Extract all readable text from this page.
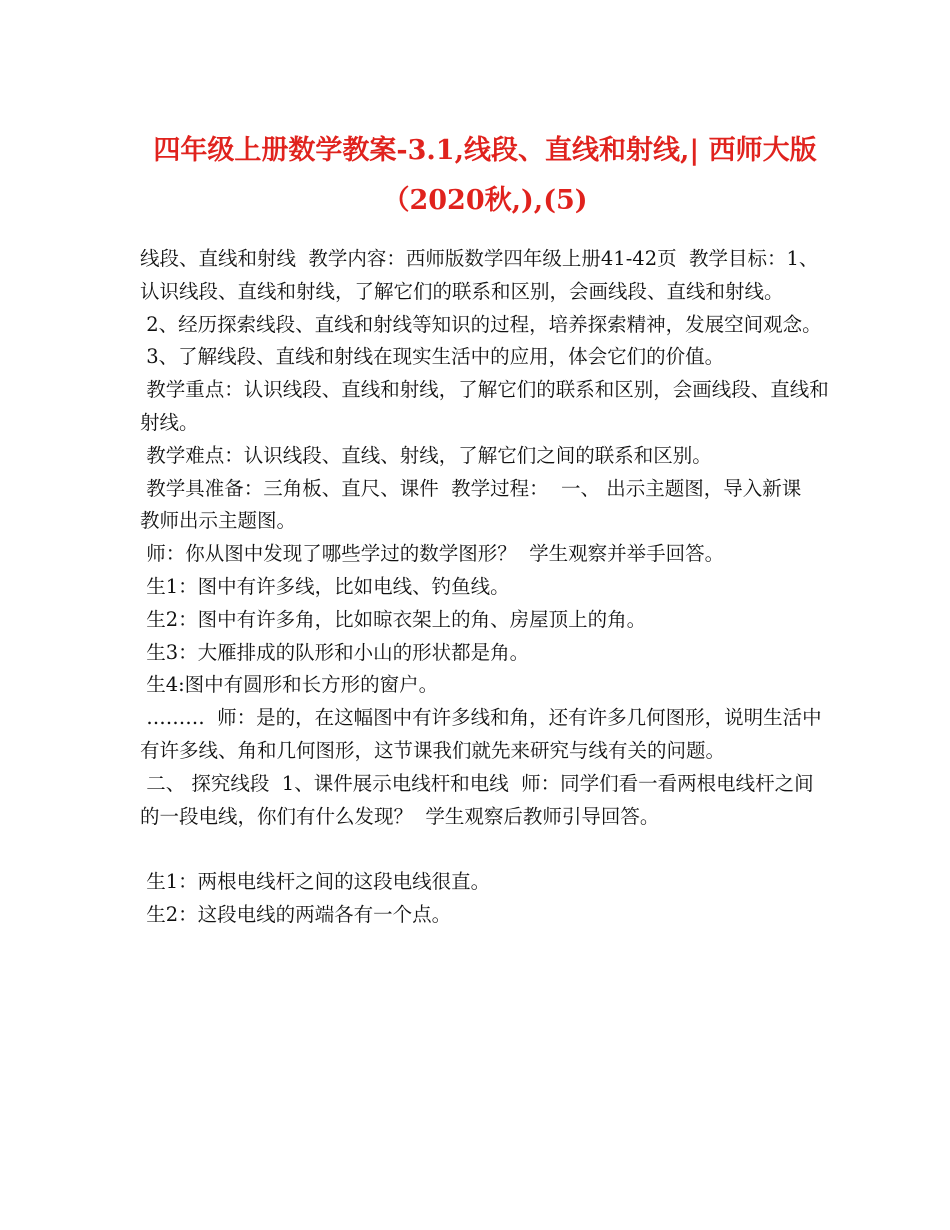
四年级上册数学教案-3.1,线段、直线和射线,| 西师大版（2020秋,),(5)

线段、直线和射线  教学内容：西师版数学四年级上册41-42页  教学目标：1、认识线段、直线和射线，了解它们的联系和区别，会画线段、直线和射线。

2、经历探索线段、直线和射线等知识的过程，培养探索精神，发展空间观念。

3、了解线段、直线和射线在现实生活中的应用，体会它们的价值。

教学重点：认识线段、直线和射线，了解它们的联系和区别，会画线段、直线和射线。

教学难点：认识线段、直线、射线，了解它们之间的联系和区别。

教学具准备：三角板、直尺、课件  教学过程：  一、 出示主题图，导入新课  教师出示主题图。

师：你从图中发现了哪些学过的数学图形？  学生观察并举手回答。

生1：图中有许多线，比如电线、钓鱼线。

生2：图中有许多角，比如晾衣架上的角、房屋顶上的角。

生3：大雁排成的队形和小山的形状都是角。

生4:图中有圆形和长方形的窗户。

………  师：是的，在这幅图中有许多线和角，还有许多几何图形，说明生活中有许多线、角和几何图形，这节课我们就先来研究与线有关的问题。

二、 探究线段  1、课件展示电线杆和电线  师：同学们看一看两根电线杆之间的一段电线，你们有什么发现？  学生观察后教师引导回答。

生1：两根电线杆之间的这段电线很直。

生2：这段电线的两端各有一个点。
